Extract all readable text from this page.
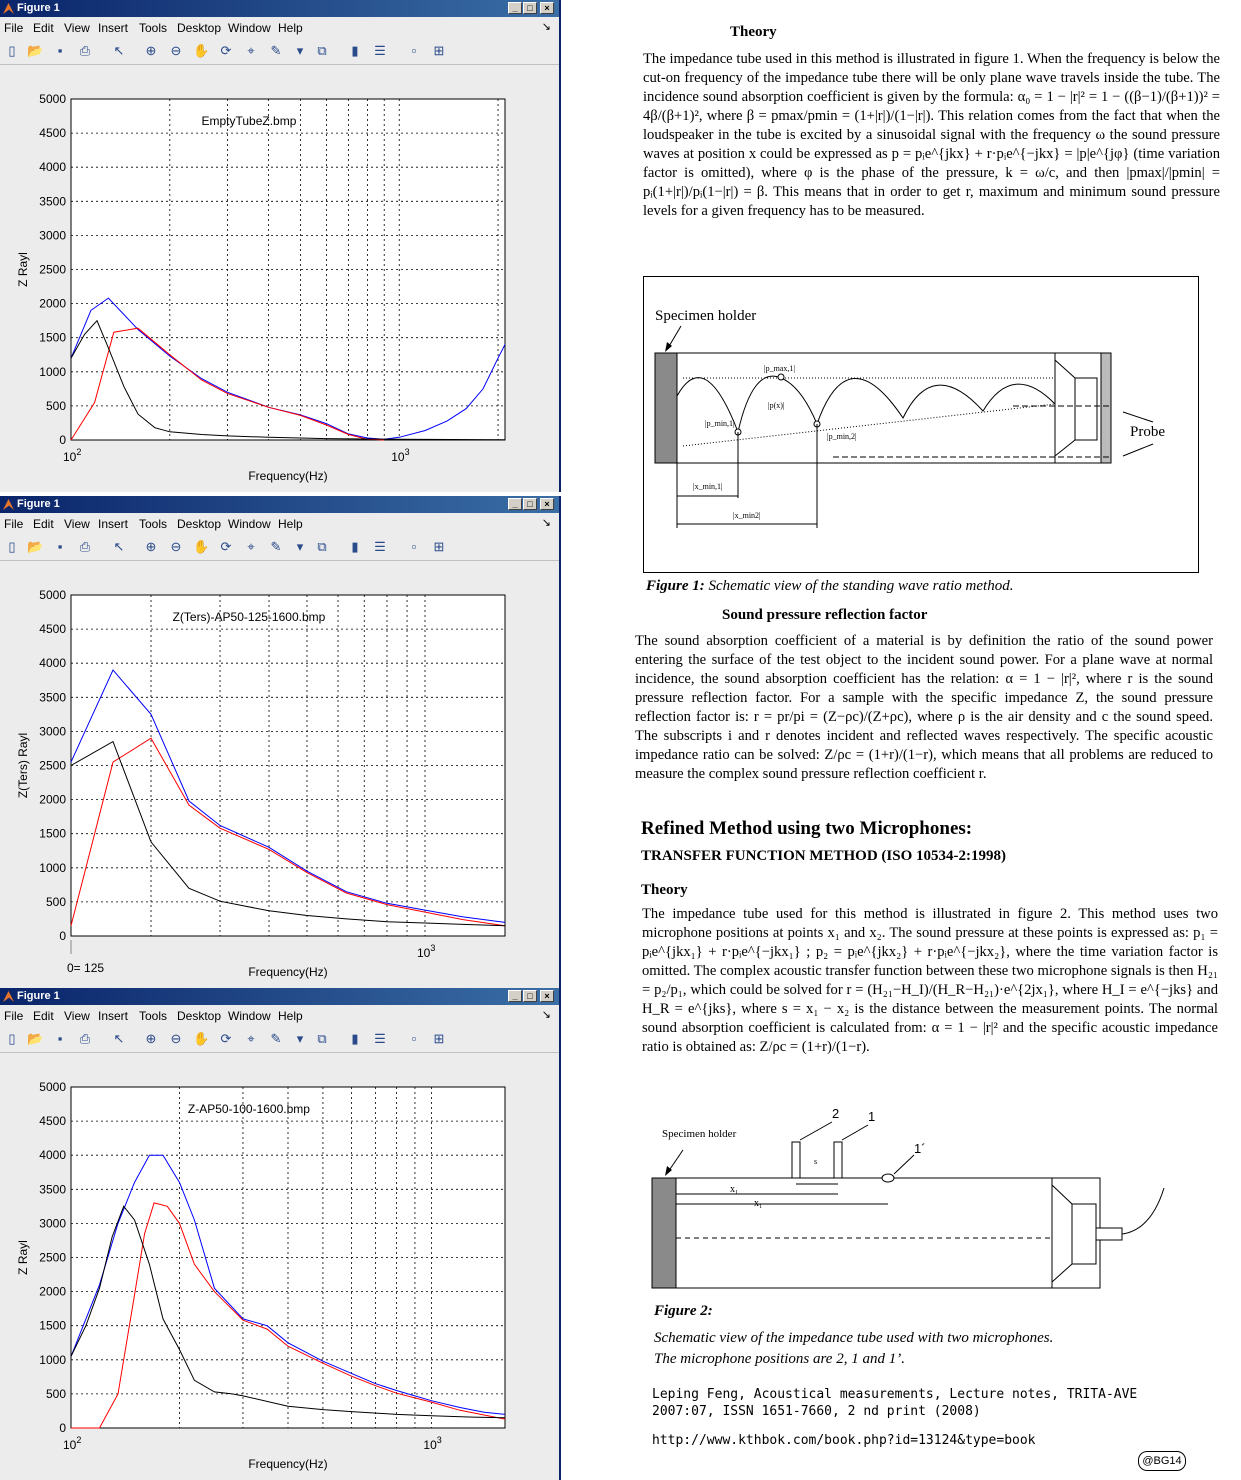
Figure 1	_	□	×
File Edit View Insert Tools Desktop Window Help	↘
▯ 📂	▪	⎙ ↖ ⊕ ⊖ ✋ ⟳	⌖	✎	▾	⧉	▮	☰	▫	⊞
0
500
1000
1500
2000
2500
3000
3500
4000
4500
5000
$10^2$	$10^3$
EmptyTubeZ.bmp
Frequency(Hz)
Z Rayl
Figure 1	_	□	×
File Edit View Insert Tools Desktop Window Help	↘
▯ 📂	▪	⎙ ↖ ⊕ ⊖ ✋ ⟳	⌖	✎	▾	⧉	▮	☰	▫	⊞
0
500
1000
1500
2000
2500
3000
3500
4000
4500
5000
$10^3$
Z(Ters)-AP50-125-1600.bmp
Frequency(Hz)
Z(Ters) Rayl
0= 125
Figure 1	_	□	×
File Edit View Insert Tools Desktop Window Help	↘
▯ 📂	▪	⎙ ↖ ⊕ ⊖ ✋ ⟳	⌖	✎	▾	⧉	▮	☰	▫	⊞
0
500
1000
1500
2000
2500
3000
3500
4000
4500
5000
$10^2$	$10^3$
Z-AP50-100-1600.bmp
Frequency(Hz)
Z Rayl
Theory
The impedance tube used in this method is illustrated in figure 1. When the frequency is below the cut-on frequency of the impedance tube there will be only plane wave travels inside the tube. The incidence sound absorption coefficient is given by the formula: α₀ = 1 − |r|² = 1 − ((β−1)/(β+1))² = 4β/(β+1)², where β = pmax/pmin = (1+|r|)/(1−|r|). This relation comes from the fact that when the loudspeaker in the tube is excited by a sinusoidal signal with the frequency ω the sound pressure waves at position x could be expressed as p = pᵢe^{jkx} + r·pᵢe^{−jkx} = |p|e^{jφ} (time variation factor is omitted), where φ is the phase of the pressure, k = ω/c, and then |pmax|/|pmin| = pᵢ(1+|r|)/pᵢ(1−|r|) = β. This means that in order to get r, maximum and minimum sound pressure levels for a given frequency has to be measured.
Specimen holder
|p_max,1|
|p(x)|
|p_min,1|
|p_min,2|
|x_min,1|
|x_min2|
Probe
Figure 1: Schematic view of the standing wave ratio method.
Sound pressure reflection factor
The sound absorption coefficient of a material is by definition the ratio of the sound power entering the surface of the test object to the incident sound power. For a plane wave at normal incidence, the sound absorption coefficient has the relation: α = 1 − |r|², where r is the sound pressure reflection factor. For a sample with the specific impedance Z, the sound pressure reflection factor is: r = pr/pi = (Z−ρc)/(Z+ρc), where ρ is the air density and c the sound speed. The subscripts i and r denotes incident and reflected waves respectively. The specific acoustic impedance ratio can be solved: Z/ρc = (1+r)/(1−r), which means that all problems are reduced to measure the complex sound pressure reflection coefficient r.
Refined Method using two Microphones:
TRANSFER FUNCTION METHOD (ISO 10534-2:1998)
Theory
The impedance tube used for this method is illustrated in figure 2. This method uses two microphone positions at points x₁ and x₂. The sound pressure at these points is expressed as: p₁ = pᵢe^{jkx₁} + r·pᵢe^{−jkx₁} ; p₂ = pᵢe^{jkx₂} + r·pᵢe^{−jkx₂}, where the time variation factor is omitted. The complex acoustic transfer function between these two microphone signals is then H₂₁ = p₂/p₁, which could be solved for r = (H₂₁−H_I)/(H_R−H₂₁)·e^{2jx₁}, where H_I = e^{−jks} and H_R = e^{jks}, where s = x₁ − x₂ is the distance between the measurement points. The normal sound absorption coefficient is calculated from: α = 1 − |r|² and the specific acoustic impedance ratio is obtained as: Z/ρc = (1+r)/(1−r).
Specimen holder
2 1
1´
s
x₁
x₁
Figure 2:
Schematic view of the impedance tube used with two microphones.
The microphone positions are 2, 1 and 1’.
Leping Feng, Acoustical measurements, Lecture notes, TRITA-AVE
2007:07, ISSN 1651-7660, 2 nd print (2008)
http://www.kthbok.com/book.php?id=13124&type=book
@BG14
